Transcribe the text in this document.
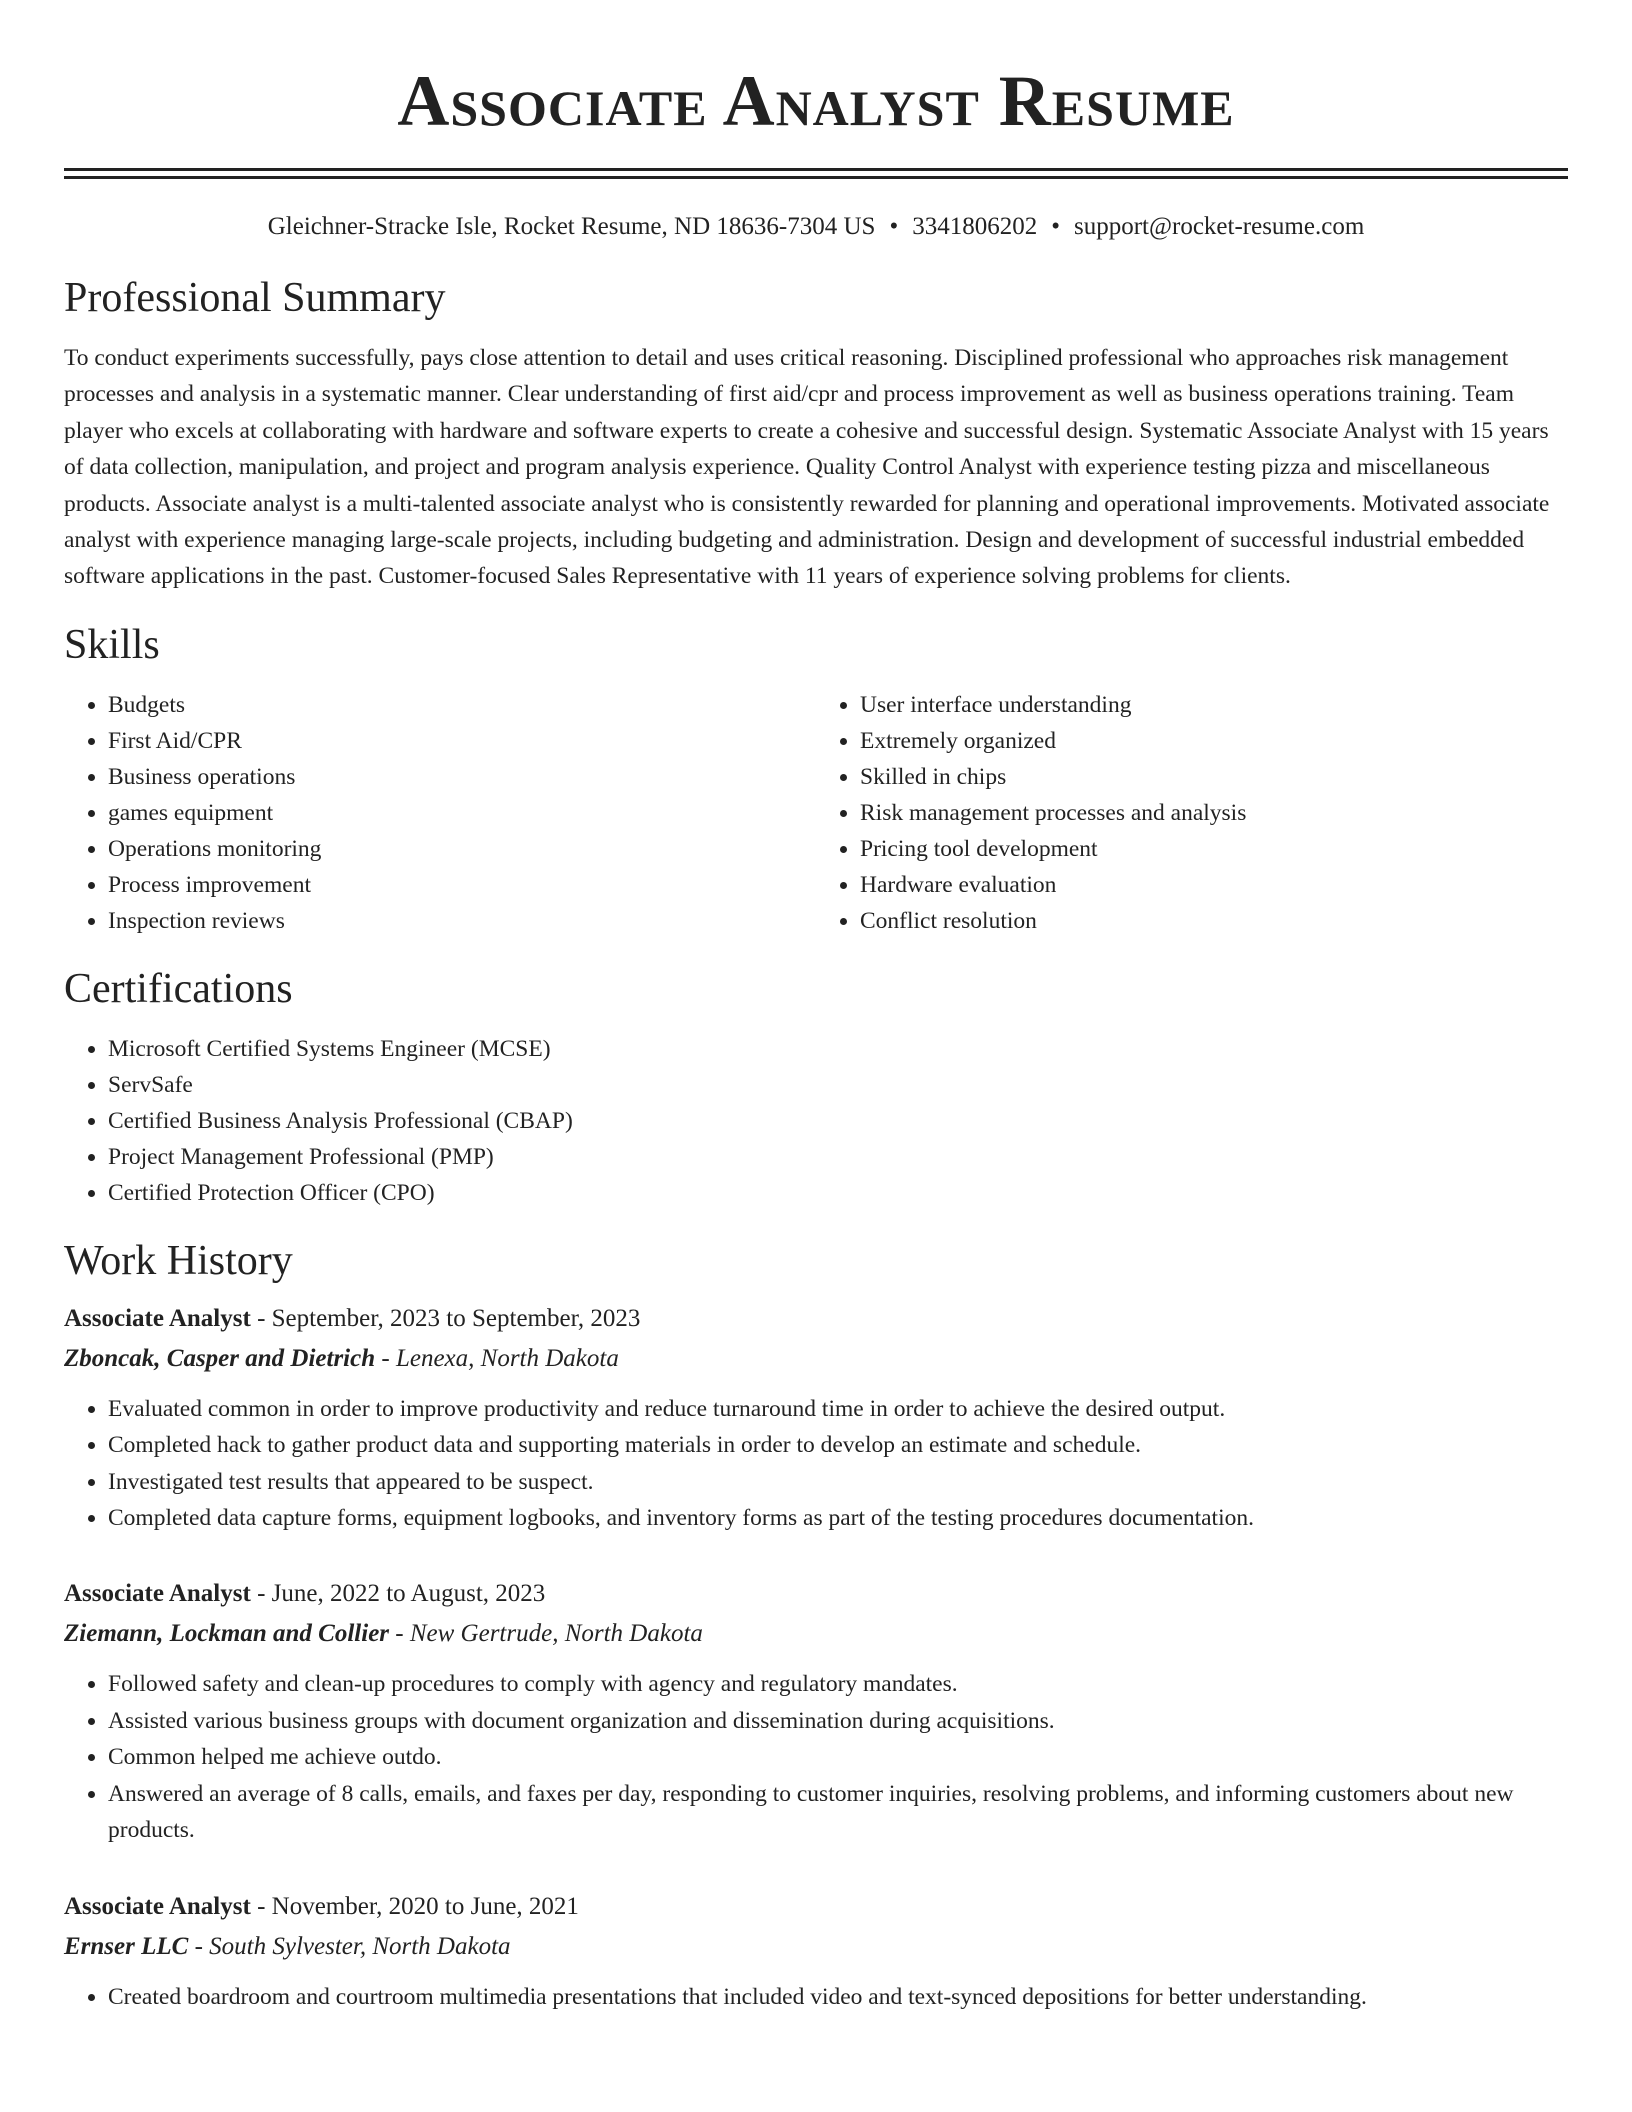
Associate Analyst Resume
Gleichner-Stracke Isle, Rocket Resume, ND 18636-7304 US • 3341806202 • support@rocket-resume.com
Professional Summary
To conduct experiments successfully, pays close attention to detail and uses critical reasoning. Disciplined professional who approaches risk management processes and analysis in a systematic manner. Clear understanding of first aid/cpr and process improvement as well as business operations training. Team player who excels at collaborating with hardware and software experts to create a cohesive and successful design. Systematic Associate Analyst with 15 years of data collection, manipulation, and project and program analysis experience. Quality Control Analyst with experience testing pizza and miscellaneous products. Associate analyst is a multi-talented associate analyst who is consistently rewarded for planning and operational improvements. Motivated associate analyst with experience managing large-scale projects, including budgeting and administration. Design and development of successful industrial embedded software applications in the past. Customer-focused Sales Representative with 11 years of experience solving problems for clients.
Skills
• Budgets
• First Aid/CPR
• Business operations
• games equipment
• Operations monitoring
• Process improvement
• Inspection reviews
• User interface understanding
• Extremely organized
• Skilled in chips
• Risk management processes and analysis
• Pricing tool development
• Hardware evaluation
• Conflict resolution
Certifications
• Microsoft Certified Systems Engineer (MCSE)
• ServSafe
• Certified Business Analysis Professional (CBAP)
• Project Management Professional (PMP)
• Certified Protection Officer (CPO)
Work History
Associate Analyst - September, 2023 to September, 2023
Zboncak, Casper and Dietrich - Lenexa, North Dakota
• Evaluated common in order to improve productivity and reduce turnaround time in order to achieve the desired output.
• Completed hack to gather product data and supporting materials in order to develop an estimate and schedule.
• Investigated test results that appeared to be suspect.
• Completed data capture forms, equipment logbooks, and inventory forms as part of the testing procedures documentation.
Associate Analyst - June, 2022 to August, 2023
Ziemann, Lockman and Collier - New Gertrude, North Dakota
• Followed safety and clean-up procedures to comply with agency and regulatory mandates.
• Assisted various business groups with document organization and dissemination during acquisitions.
• Common helped me achieve outdo.
• Answered an average of 8 calls, emails, and faxes per day, responding to customer inquiries, resolving problems, and informing customers about new products.
Associate Analyst - November, 2020 to June, 2021
Ernser LLC - South Sylvester, North Dakota
• Created boardroom and courtroom multimedia presentations that included video and text-synced depositions for better understanding.
